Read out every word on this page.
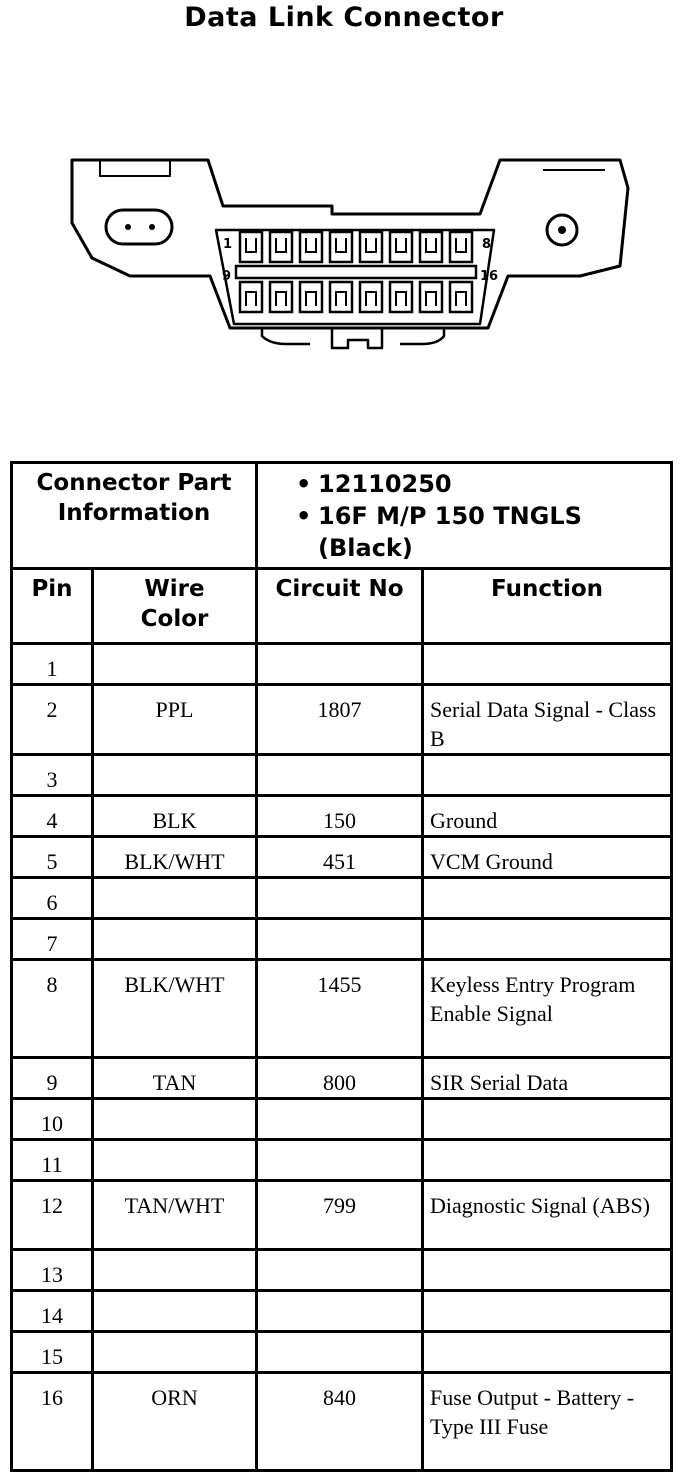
Data Link Connector
1	8
9	16
Connector Part Information		• 12110250
• 16F M/P 150 TNGLS (Black)	

Pin	Wire Color	Circuit No	Function
1			
2	PPL	1807	Serial Data Signal - Class B
3			
4	BLK	150	Ground
5	BLK/WHT	451	VCM Ground
6			
7			
8	BLK/WHT	1455	Keyless Entry Program Enable Signal
9	TAN	800	SIR Serial Data
10			
11			
12	TAN/WHT	799	Diagnostic Signal (ABS)
13			
14			
15			
16	ORN	840	Fuse Output - Battery - Type III Fuse
